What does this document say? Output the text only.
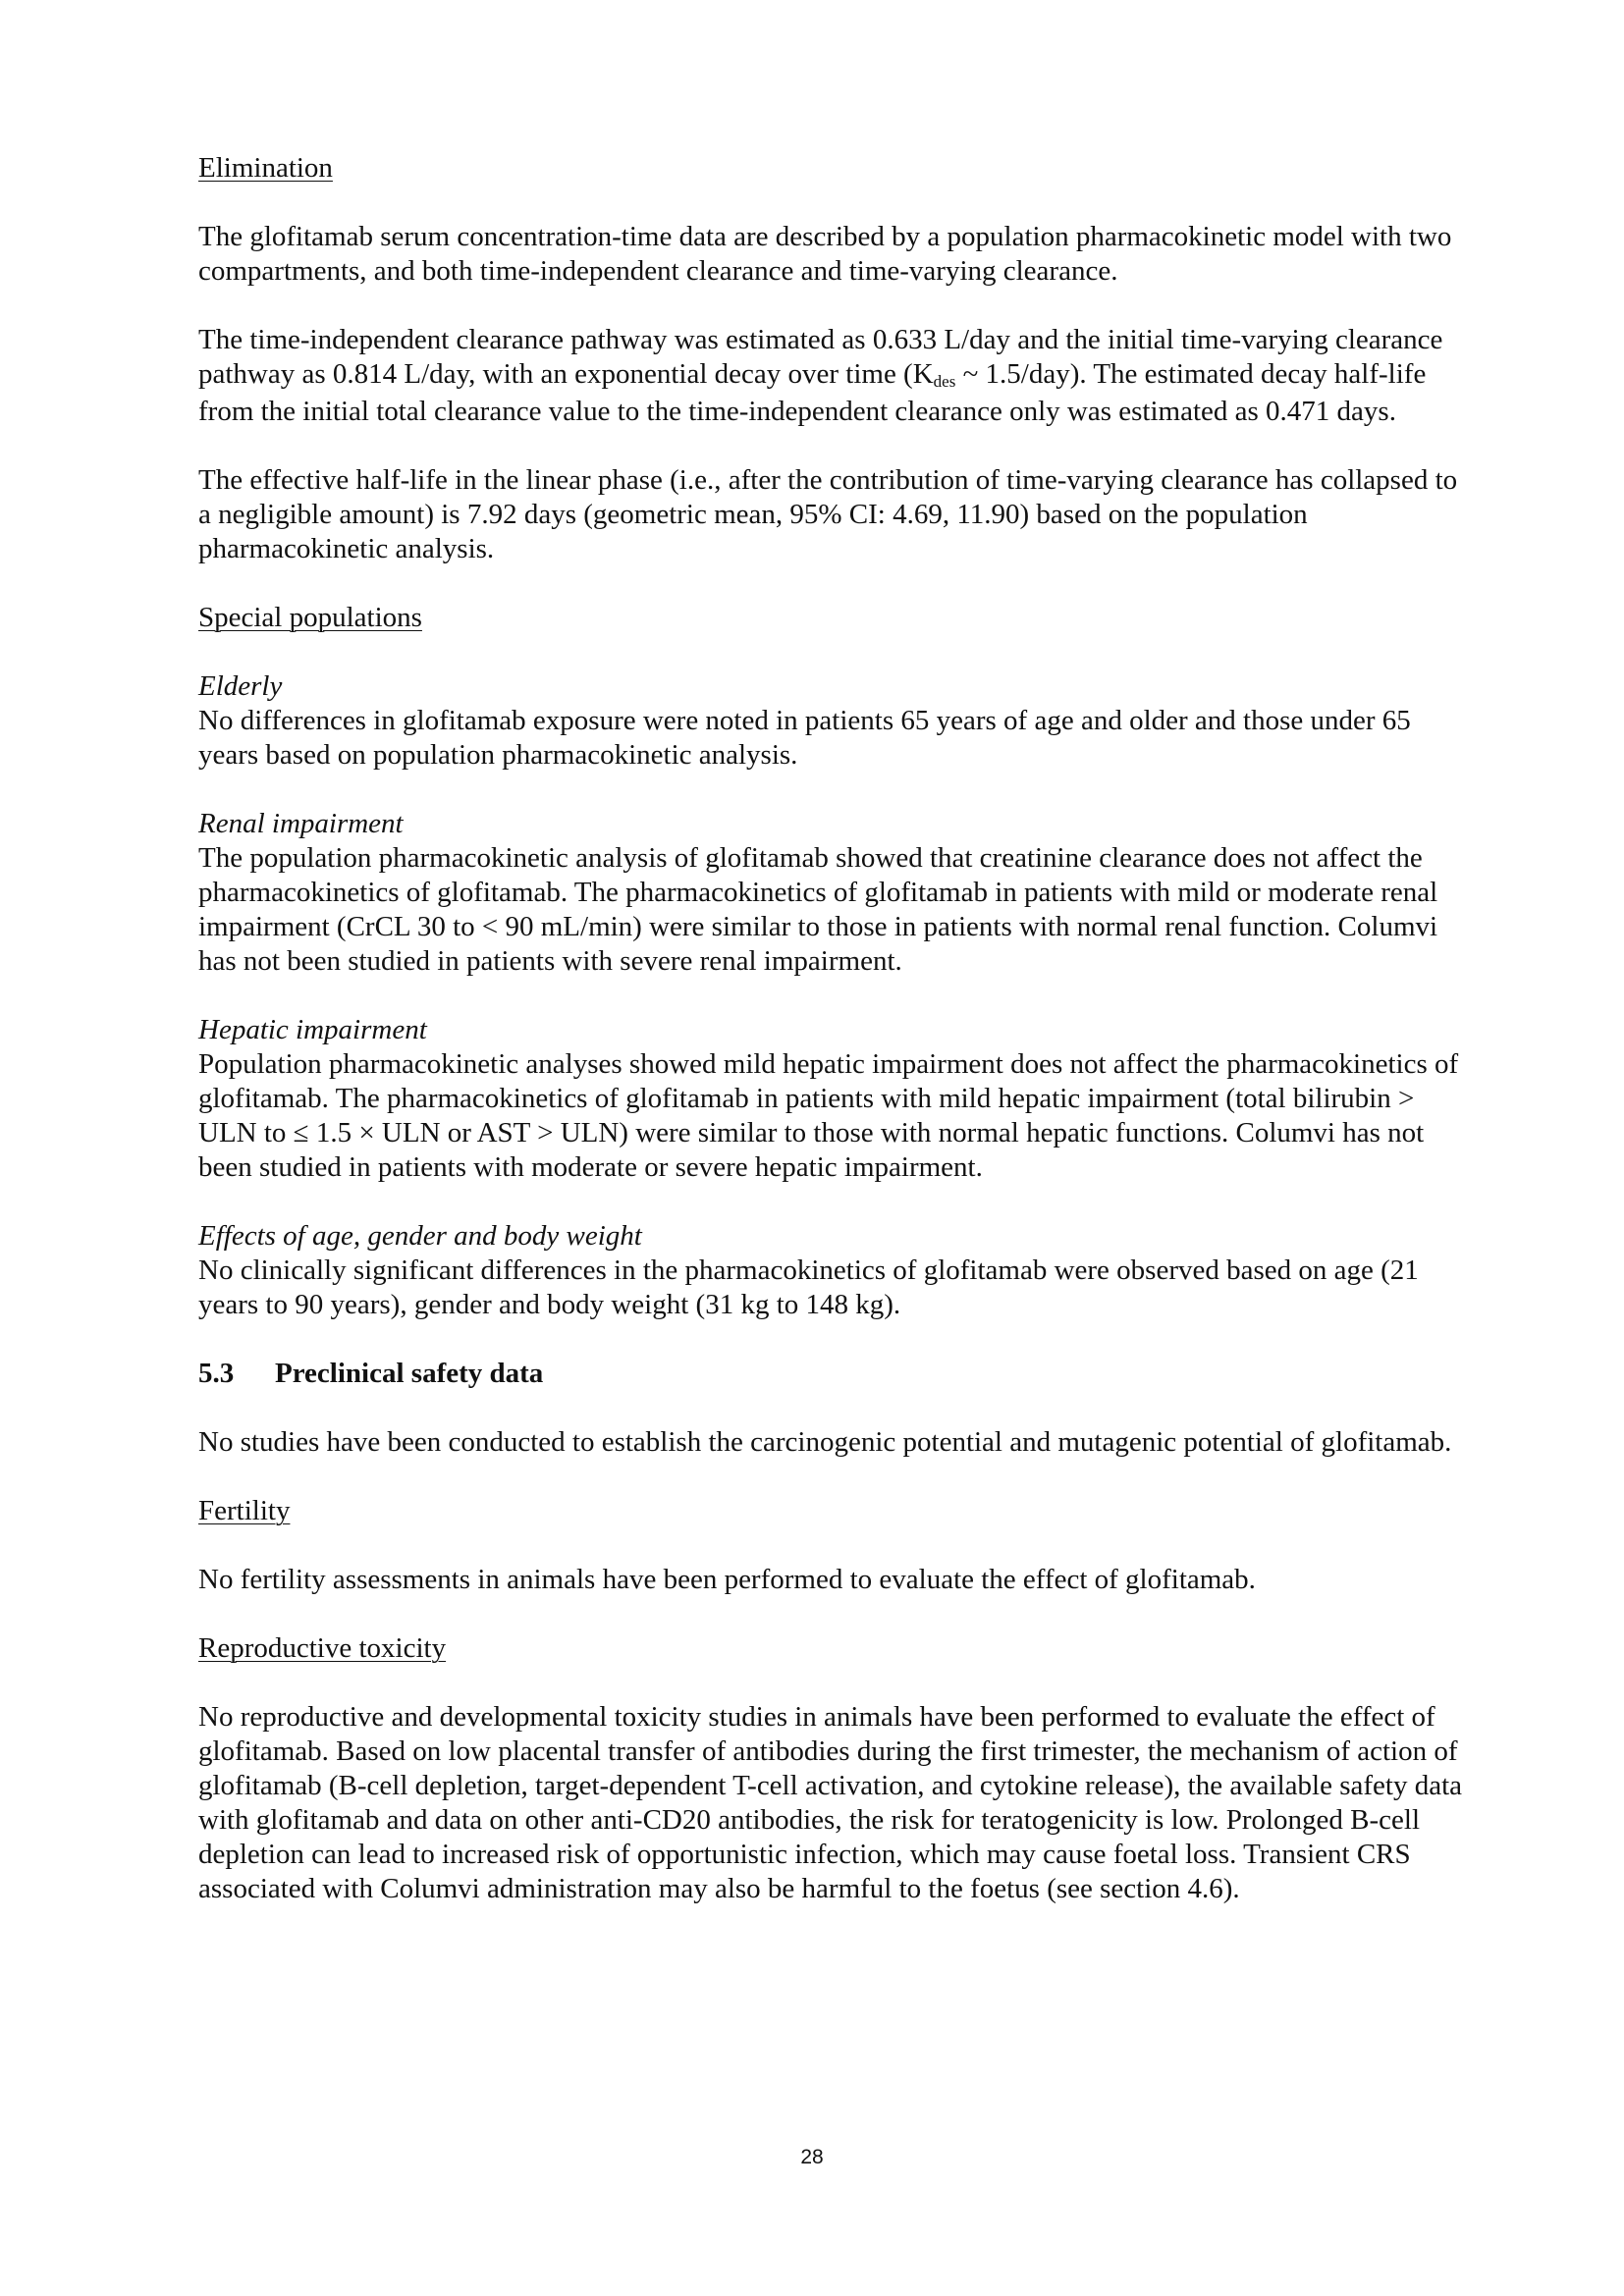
Elimination

The glofitamab serum concentration-time data are described by a population pharmacokinetic model with two compartments, and both time-independent clearance and time-varying clearance.

The time-independent clearance pathway was estimated as 0.633 L/day and the initial time-varying clearance pathway as 0.814 L/day, with an exponential decay over time ($K_{des}$ ~ 1.5/day). The estimated decay half-life from the initial total clearance value to the time-independent clearance only was estimated as 0.471 days.

The effective half-life in the linear phase (i.e., after the contribution of time-varying clearance has collapsed to a negligible amount) is 7.92 days (geometric mean, 95% CI: 4.69, 11.90) based on the population pharmacokinetic analysis.

Special populations

Elderly

No differences in glofitamab exposure were noted in patients 65 years of age and older and those under 65 years based on population pharmacokinetic analysis.

Renal impairment

The population pharmacokinetic analysis of glofitamab showed that creatinine clearance does not affect the pharmacokinetics of glofitamab. The pharmacokinetics of glofitamab in patients with mild or moderate renal impairment (CrCL 30 to < 90 mL/min) were similar to those in patients with normal renal function. Columvi has not been studied in patients with severe renal impairment.

Hepatic impairment

Population pharmacokinetic analyses showed mild hepatic impairment does not affect the pharmacokinetics of glofitamab. The pharmacokinetics of glofitamab in patients with mild hepatic impairment (total bilirubin > ULN to ≤ 1.5 × ULN or AST > ULN) were similar to those with normal hepatic functions. Columvi has not been studied in patients with moderate or severe hepatic impairment.

Effects of age, gender and body weight

No clinically significant differences in the pharmacokinetics of glofitamab were observed based on age (21 years to 90 years), gender and body weight (31 kg to 148 kg).

5.3	Preclinical safety data

No studies have been conducted to establish the carcinogenic potential and mutagenic potential of glofitamab.

Fertility

No fertility assessments in animals have been performed to evaluate the effect of glofitamab.

Reproductive toxicity

No reproductive and developmental toxicity studies in animals have been performed to evaluate the effect of glofitamab. Based on low placental transfer of antibodies during the first trimester, the mechanism of action of glofitamab (B-cell depletion, target-dependent T-cell activation, and cytokine release), the available safety data with glofitamab and data on other anti-CD20 antibodies, the risk for teratogenicity is low. Prolonged B-cell depletion can lead to increased risk of opportunistic infection, which may cause foetal loss. Transient CRS associated with Columvi administration may also be harmful to the foetus (see section 4.6).

28
